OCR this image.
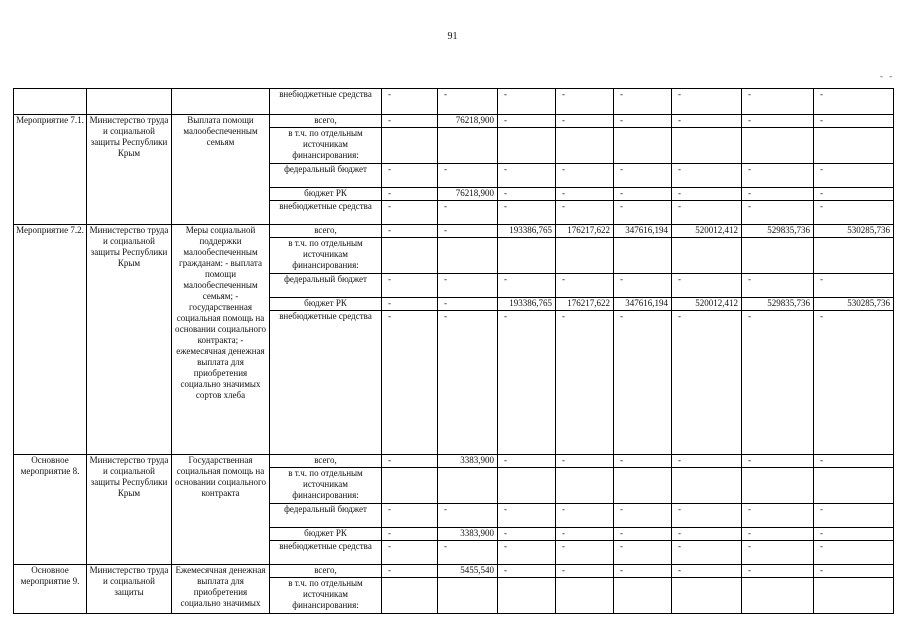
91
- -
			внебюджетные средства	-	-	-	-	-	-	-	-
Мероприятие 7.1.	Министерство труда и социальной защиты Республики Крым	Выплата помощи малообеспеченным семьям	всего,	-	76218,900	-	-	-	-	-	-
			в т.ч. по отдельным источникам финансирования:								
			федеральный бюджет	-	-	-	-	-	-	-	-
			бюджет РК	-	76218,900	-	-	-	-	-	-
			внебюджетные средства	-	-	-	-	-	-	-	-
Мероприятие 7.2.	Министерство труда и социальной защиты Республики Крым	Меры социальной поддержки малообеспеченным гражданам: - выплата помощи малообеспеченным семьям; - государственная социальная помощь на основании социального контракта; - ежемесячная денежная выплата для приобретения социально значимых сортов хлеба	всего,	-	-	193386,765	176217,622	347616,194	520012,412	529835,736	530285,736
			в т.ч. по отдельным источникам финансирования:								
			федеральный бюджет	-	-	-	-	-	-	-	-
			бюджет РК	-	-	193386,765	176217,622	347616,194	520012,412	529835,736	530285,736
			внебюджетные средства	-	-	-	-	-	-	-	-
Основное мероприятие 8.	Министерство труда и социальной защиты Республики Крым	Государственная социальная помощь на основании социального контракта	всего,	-	3383,900	-	-	-	-	-	-
			в т.ч. по отдельным источникам финансирования:								
			федеральный бюджет	-	-	-	-	-	-	-	-
			бюджет РК	-	3383,900	-	-	-	-	-	-
			внебюджетные средства	-	-	-	-	-	-	-	-
Основное мероприятие 9.	Министерство труда и социальной защиты	Ежемесячная денежная выплата для приобретения социально значимых	всего,	-	5455,540	-	-	-	-	-	-
			в т.ч. по отдельным источникам финансирования:								
